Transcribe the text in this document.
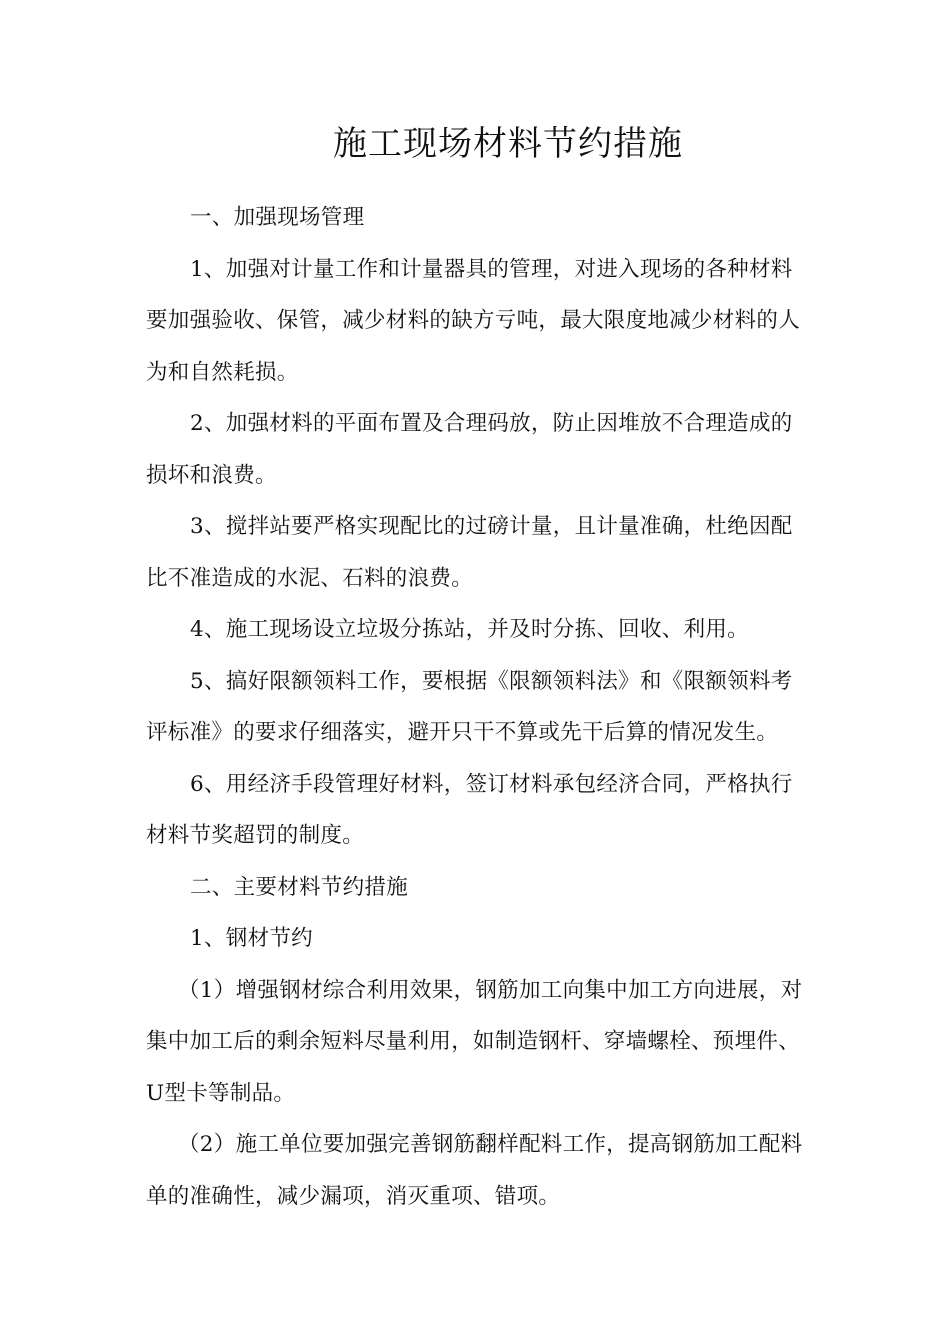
施工现场材料节约措施

一、加强现场管理

1、加强对计量工作和计量器具的管理，对进入现场的各种材料要加强验收、保管，减少材料的缺方亏吨，最大限度地减少材料的人为和自然耗损。

2、加强材料的平面布置及合理码放，防止因堆放不合理造成的损坏和浪费。

3、搅拌站要严格实现配比的过磅计量，且计量准确，杜绝因配比不准造成的水泥、石料的浪费。

4、施工现场设立垃圾分拣站，并及时分拣、回收、利用。

5、搞好限额领料工作，要根据《限额领料法》和《限额领料考评标准》的要求仔细落实，避开只干不算或先干后算的情况发生。

6、用经济手段管理好材料，签订材料承包经济合同，严格执行材料节奖超罚的制度。

二、主要材料节约措施

1、钢材节约

（1）增强钢材综合利用效果，钢筋加工向集中加工方向进展，对集中加工后的剩余短料尽量利用，如制造钢杆、穿墙螺栓、预埋件、U型卡等制品。

（2）施工单位要加强完善钢筋翻样配料工作，提高钢筋加工配料单的准确性，减少漏项，消灭重项、错项。
